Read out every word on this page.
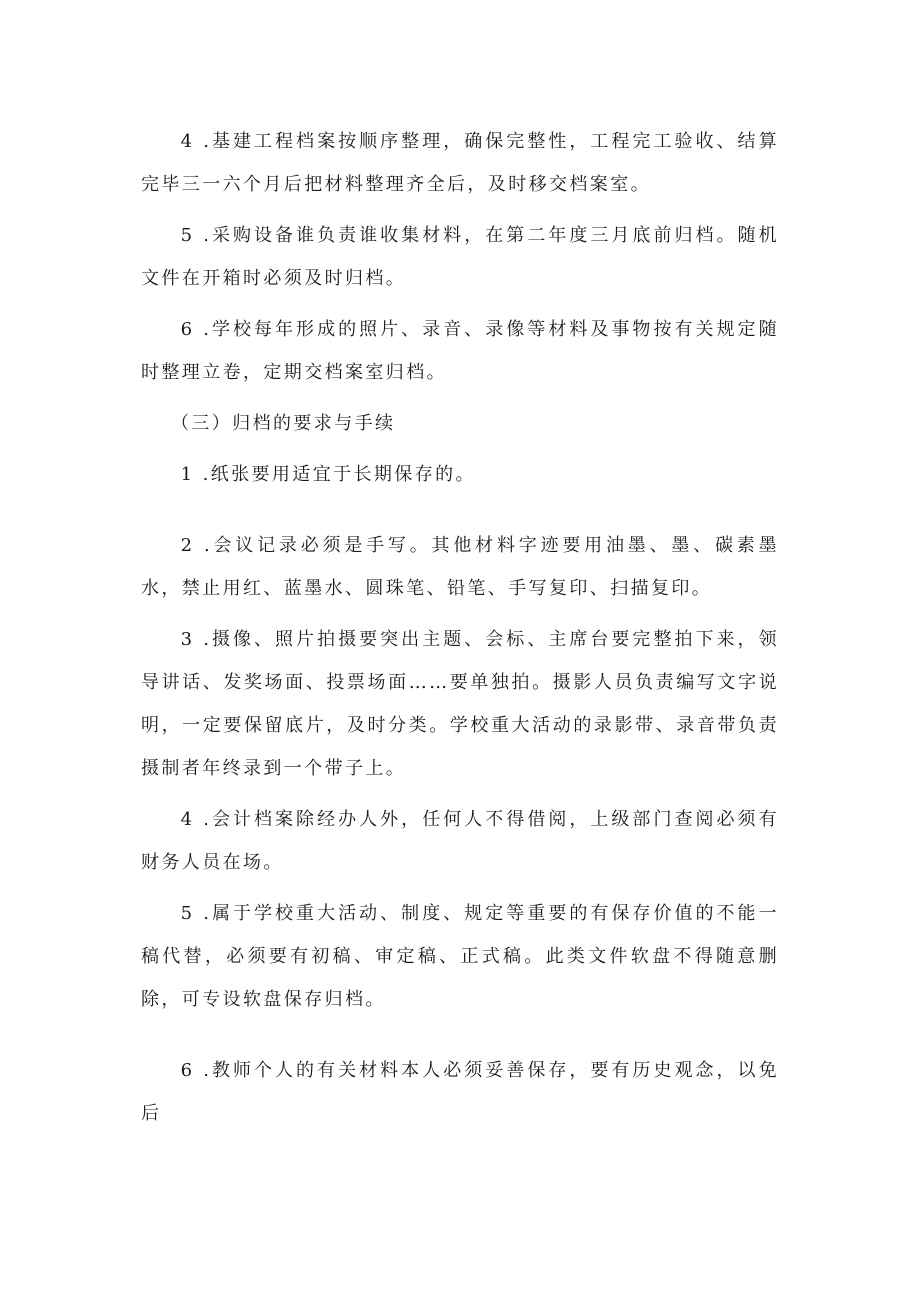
4 .基建工程档案按顺序整理，确保完整性，工程完工验收、结算完毕三一六个月后把材料整理齐全后，及时移交档案室。

5 .采购设备谁负责谁收集材料，在第二年度三月底前归档。随机文件在开箱时必须及时归档。

6 .学校每年形成的照片、录音、录像等材料及事物按有关规定随时整理立卷，定期交档案室归档。

（三）归档的要求与手续

1 .纸张要用适宜于长期保存的。

2 .会议记录必须是手写。其他材料字迹要用油墨、墨、碳素墨水，禁止用红、蓝墨水、圆珠笔、铅笔、手写复印、扫描复印。

3 .摄像、照片拍摄要突出主题、会标、主席台要完整拍下来，领导讲话、发奖场面、投票场面……要单独拍。摄影人员负责编写文字说明，一定要保留底片，及时分类。学校重大活动的录影带、录音带负责摄制者年终录到一个带子上。

4 .会计档案除经办人外，任何人不得借阅，上级部门查阅必须有财务人员在场。

5 .属于学校重大活动、制度、规定等重要的有保存价值的不能一稿代替，必须要有初稿、审定稿、正式稿。此类文件软盘不得随意删除，可专设软盘保存归档。

6 .教师个人的有关材料本人必须妥善保存，要有历史观念，以免后
